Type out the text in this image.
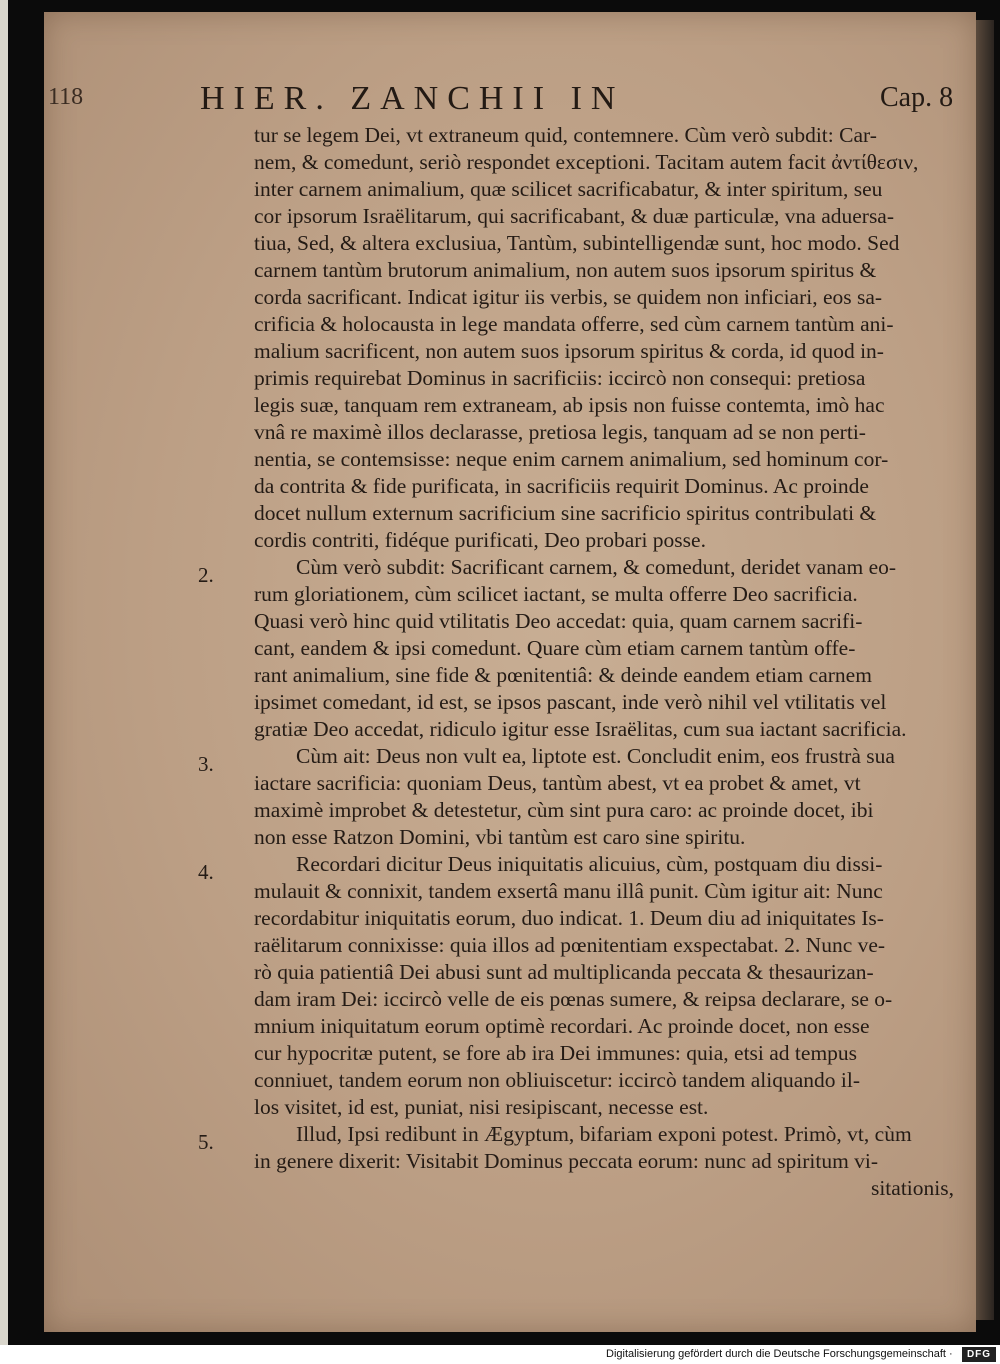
118	HIER. ZANCHII IN	Cap. 8
2.
3.
4.
5.
tur se legem Dei, vt extraneum quid, contemnere. Cùm verò subdit: Car-
nem, & comedunt, seriò respondet exceptioni. Tacitam autem facit ἀντίθεσιν,
inter carnem animalium, quæ scilicet sacrificabatur, & inter spiritum, seu
cor ipsorum Israëlitarum, qui sacrificabant, & duæ particulæ, vna aduersa-
tiua, Sed, & altera exclusiua, Tantùm, subintelligendæ sunt, hoc modo. Sed
carnem tantùm brutorum animalium, non autem suos ipsorum spiritus &
corda sacrificant. Indicat igitur iis verbis, se quidem non inficiari, eos sa-
crificia & holocausta in lege mandata offerre, sed cùm carnem tantùm ani-
malium sacrificent, non autem suos ipsorum spiritus & corda, id quod in-
primis requirebat Dominus in sacrificiis: iccircò non consequi: pretiosa
legis suæ, tanquam rem extraneam, ab ipsis non fuisse contemta, imò hac
vnâ re maximè illos declarasse, pretiosa legis, tanquam ad se non perti-
nentia, se contemsisse: neque enim carnem animalium, sed hominum cor-
da contrita & fide purificata, in sacrificiis requirit Dominus. Ac proinde
docet nullum externum sacrificium sine sacrificio spiritus contribulati &
cordis contriti, fidéque purificati, Deo probari posse.
Cùm verò subdit: Sacrificant carnem, & comedunt, deridet vanam eo-
rum gloriationem, cùm scilicet iactant, se multa offerre Deo sacrificia.
Quasi verò hinc quid vtilitatis Deo accedat: quia, quam carnem sacrifi-
cant, eandem & ipsi comedunt. Quare cùm etiam carnem tantùm offe-
rant animalium, sine fide & pœnitentiâ: & deinde eandem etiam carnem
ipsimet comedant, id est, se ipsos pascant, inde verò nihil vel vtilitatis vel
gratiæ Deo accedat, ridiculo igitur esse Israëlitas, cum sua iactant sacrificia.
Cùm ait: Deus non vult ea, liptote est. Concludit enim, eos frustrà sua
iactare sacrificia: quoniam Deus, tantùm abest, vt ea probet & amet, vt
maximè improbet & detestetur, cùm sint pura caro: ac proinde docet, ibi
non esse Ratzon Domini, vbi tantùm est caro sine spiritu.
Recordari dicitur Deus iniquitatis alicuius, cùm, postquam diu dissi-
mulauit & connixit, tandem exsertâ manu illâ punit. Cùm igitur ait: Nunc
recordabitur iniquitatis eorum, duo indicat. 1. Deum diu ad iniquitates Is-
raëlitarum connixisse: quia illos ad pœnitentiam exspectabat. 2. Nunc ve-
rò quia patientiâ Dei abusi sunt ad multiplicanda peccata & thesaurizan-
dam iram Dei: iccircò velle de eis pœnas sumere, & reipsa declarare, se o-
mnium iniquitatum eorum optimè recordari. Ac proinde docet, non esse
cur hypocritæ putent, se fore ab ira Dei immunes: quia, etsi ad tempus
conniuet, tandem eorum non obliuiscetur: iccircò tandem aliquando il-
los visitet, id est, puniat, nisi resipiscant, necesse est.
Illud, Ipsi redibunt in Ægyptum, bifariam exponi potest. Primò, vt, cùm
in genere dixerit: Visitabit Dominus peccata eorum: nunc ad spiritum vi-
sitationis,
Digitalisierung gefördert durch die Deutsche Forschungsgemeinschaft ·	DFG
